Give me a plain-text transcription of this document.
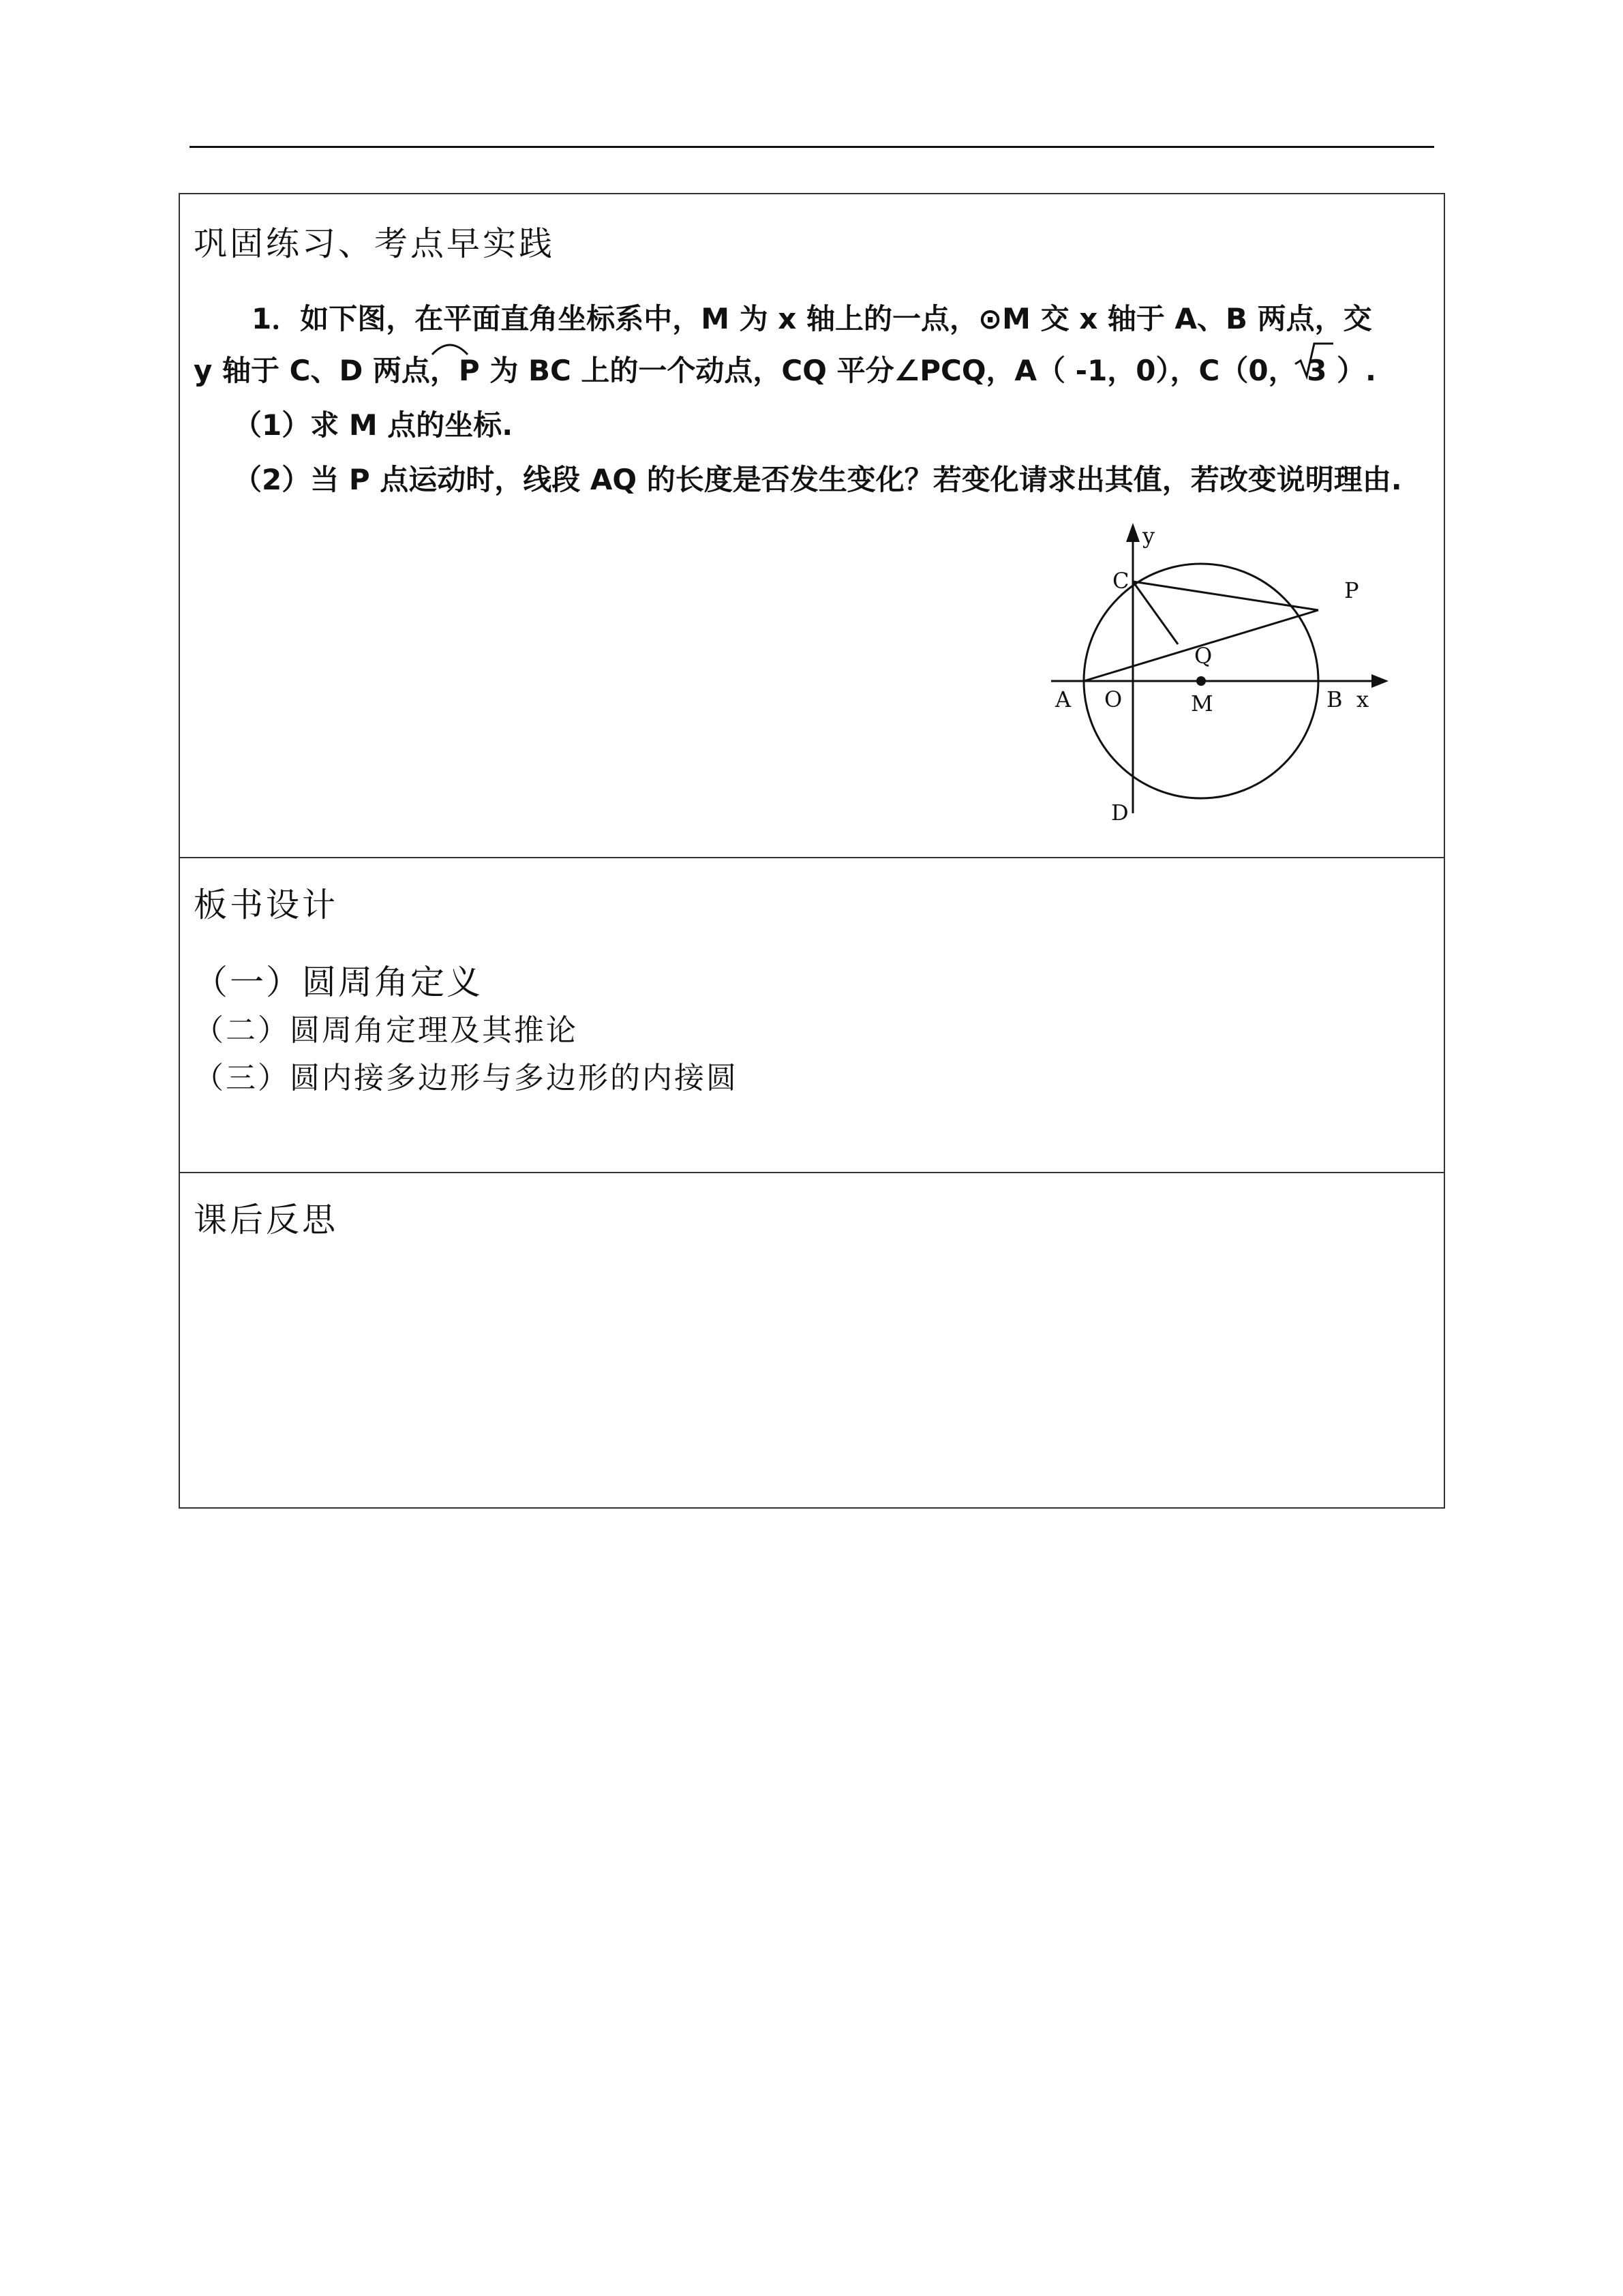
巩固练习、考点早实践
1．如下图，在平面直角坐标系中，M 为 x 轴上的一点，⊙M 交 x 轴于 A、B 两点，交
y 轴于 C、D 两点，P 为 BC 上的一个动点，CQ 平分∠PCQ，A（ -1，0），C（0， 3 ）.
（1）求 M 点的坐标.
（2）当 P 点运动时，线段 AQ 的长度是否发生变化？若变化请求出其值，若改变说明理由.
y
C	P
Q
A O	M	B x
D
板书设计
（一）圆周角定义
（二）圆周角定理及其推论
（三）圆内接多边形与多边形的内接圆
课后反思
